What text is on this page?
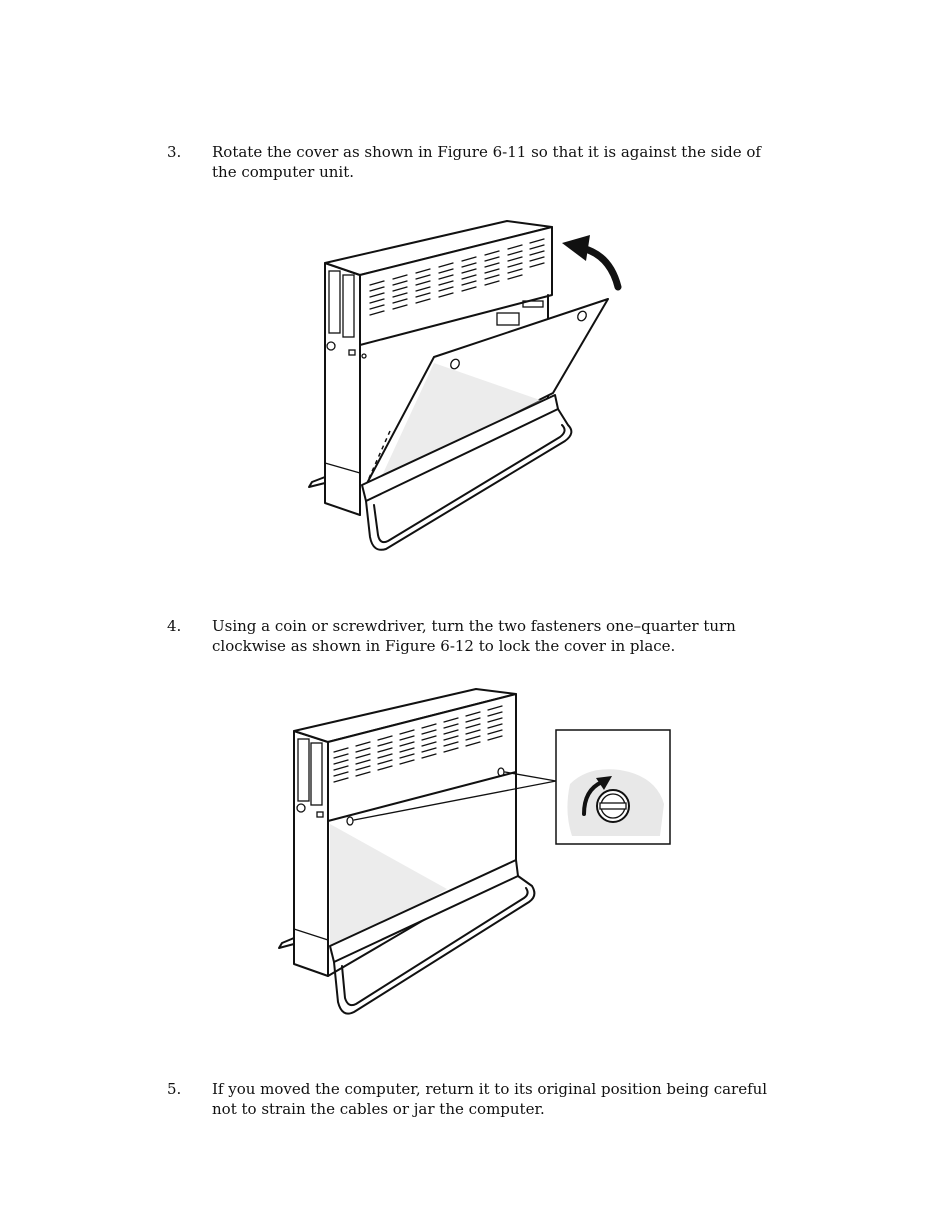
3. Rotate the cover as shown in Figure 6-11 so that it is against the side of the computer unit.
4. Using a coin or screwdriver, turn the two fasteners one–quarter turn clockwise as shown in Figure 6-12 to lock the cover in place.
5. If you moved the computer, return it to its original position being careful not to strain the cables or jar the computer.
